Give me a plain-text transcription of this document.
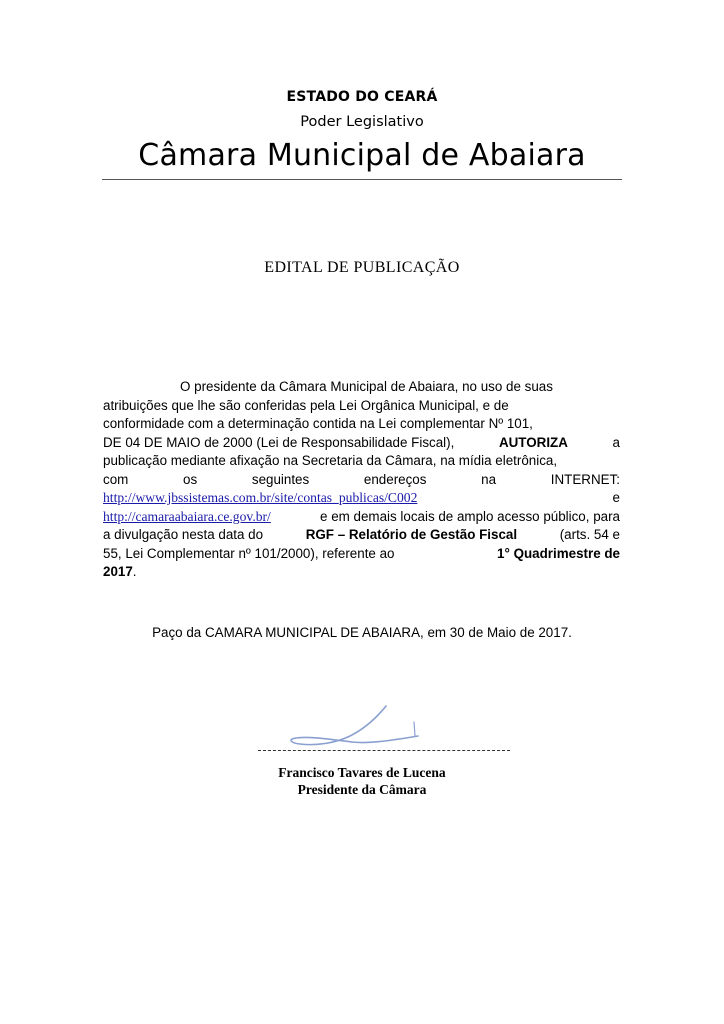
ESTADO DO CEARÁ
Poder Legislativo
Câmara Municipal de Abaiara
EDITAL DE PUBLICAÇÃO
O presidente da Câmara Municipal de Abaiara, no uso de suas
atribuições que lhe são conferidas pela Lei Orgânica Municipal, e de
conformidade com a determinação contida na Lei complementar Nº 101,
DE 04 DE MAIO de 2000 (Lei de Responsabilidade Fiscal),	AUTORIZA	a
publicação mediante afixação na Secretaria da Câmara, na mídia eletrônica,
com	os	seguintes	endereços	na	INTERNET:
http://www.jbssistemas.com.br/site/contas_publicas/C002	e
http://camaraabaiara.ce.gov.br/	e em demais locais de amplo acesso público, para
a divulgação nesta data do	RGF – Relatório de Gestão Fiscal	(arts. 54 e
55, Lei Complementar nº 101/2000), referente ao	1° Quadrimestre de
2017 .
Paço da CAMARA MUNICIPAL DE ABAIARA, em 30 de Maio de 2017.
Francisco Tavares de Lucena
Presidente da Câmara
